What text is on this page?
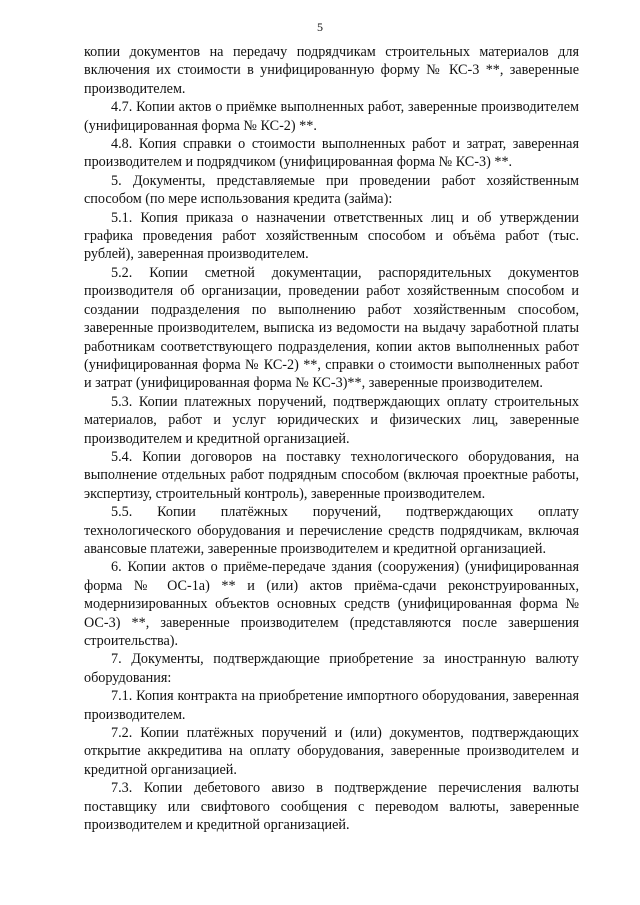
5

копии документов на передачу подрядчикам строительных материалов для включения их стоимости в унифицированную форму № КС-3 **, заверенные производителем.

4.7. Копии актов о приёмке выполненных работ, заверенные производителем (унифицированная форма № КС-2) **.

4.8. Копия справки о стоимости выполненных работ и затрат, заверенная производителем и подрядчиком (унифицированная форма № КС-3) **.

5. Документы, представляемые при проведении работ хозяйственным способом (по мере использования кредита (займа):

5.1. Копия приказа о назначении ответственных лиц и об утверждении графика проведения работ хозяйственным способом и объёма работ (тыс. рублей), заверенная производителем.

5.2. Копии сметной документации, распорядительных документов производителя об организации, проведении работ хозяйственным способом и создании подразделения по выполнению работ хозяйственным способом, заверенные производителем, выписка из ведомости на выдачу заработной платы работникам соответствующего подразделения, копии актов выполненных работ (унифицированная форма № КС-2) **, справки о стоимости выполненных работ и затрат (унифицированная форма № КС-3)**, заверенные производителем.

5.3. Копии платежных поручений, подтверждающих оплату строительных материалов, работ и услуг юридических и физических лиц, заверенные производителем и кредитной организацией.

5.4. Копии договоров на поставку технологического оборудования, на выполнение отдельных работ подрядным способом (включая проектные работы, экспертизу, строительный контроль), заверенные производителем.

5.5. Копии платёжных поручений, подтверждающих оплату технологического оборудования и перечисление средств подрядчикам, включая авансовые платежи, заверенные производителем и кредитной организацией.

6. Копии актов о приёме-передаче здания (сооружения) (унифицированная форма № ОС-1а) ** и (или) актов приёма-сдачи реконструированных, модернизированных объектов основных средств (унифицированная форма № ОС-3) **, заверенные производителем (представляются после завершения строительства).

7. Документы, подтверждающие приобретение за иностранную валюту оборудования:

7.1. Копия контракта на приобретение импортного оборудования, заверенная производителем.

7.2. Копии платёжных поручений и (или) документов, подтверждающих открытие аккредитива на оплату оборудования, заверенные производителем и кредитной организацией.

7.3. Копии дебетового авизо в подтверждение перечисления валюты поставщику или свифтового сообщения с переводом валюты, заверенные производителем и кредитной организацией.
